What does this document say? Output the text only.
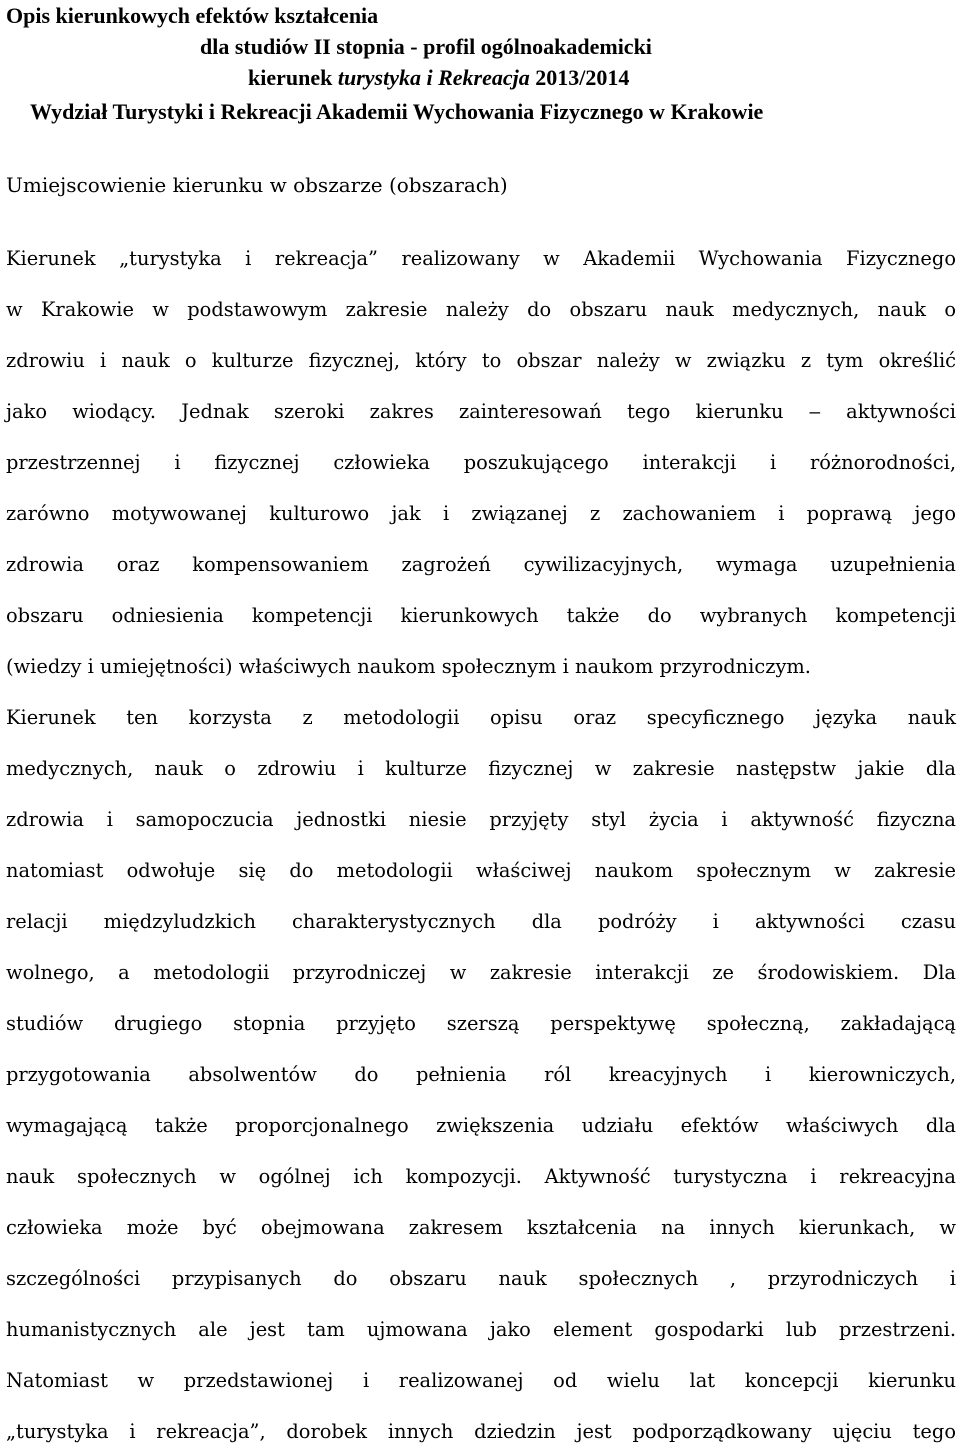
Opis kierunkowych efektów kształcenia
dla studiów II stopnia - profil ogólnoakademicki
kierunek turystyka i Rekreacja 2013/2014
Wydział Turystyki i Rekreacji Akademii Wychowania Fizycznego w Krakowie
Umiejscowienie kierunku w obszarze (obszarach)
Kierunek „turystyka i rekreacja” realizowany w Akademii Wychowania Fizycznego
w Krakowie w podstawowym zakresie należy do obszaru nauk medycznych, nauk o
zdrowiu i nauk o kulturze fizycznej, który to obszar należy w związku z tym określić
jako wiodący. Jednak szeroki zakres zainteresowań tego kierunku ‒ aktywności
przestrzennej i fizycznej człowieka poszukującego interakcji i różnorodności,
zarówno motywowanej kulturowo jak i związanej z zachowaniem i poprawą jego
zdrowia oraz kompensowaniem zagrożeń cywilizacyjnych, wymaga uzupełnienia
obszaru odniesienia kompetencji kierunkowych także do wybranych kompetencji
(wiedzy i umiejętności) właściwych naukom społecznym i naukom przyrodniczym.
Kierunek ten korzysta z metodologii opisu oraz specyficznego języka nauk
medycznych, nauk o zdrowiu i kulturze fizycznej w zakresie następstw jakie dla
zdrowia i samopoczucia jednostki niesie przyjęty styl życia i aktywność fizyczna
natomiast odwołuje się do metodologii właściwej naukom społecznym w zakresie
relacji międzyludzkich charakterystycznych dla podróży i aktywności czasu
wolnego, a metodologii przyrodniczej w zakresie interakcji ze środowiskiem. Dla
studiów drugiego stopnia przyjęto szerszą perspektywę społeczną, zakładającą
przygotowania absolwentów do pełnienia ról kreacyjnych i kierowniczych,
wymagającą także proporcjonalnego zwiększenia udziału efektów właściwych dla
nauk społecznych w ogólnej ich kompozycji. Aktywność turystyczna i rekreacyjna
człowieka może być obejmowana zakresem kształcenia na innych kierunkach, w
szczególności przypisanych do obszaru nauk społecznych , przyrodniczych i
humanistycznych ale jest tam ujmowana jako element gospodarki lub przestrzeni.
Natomiast w przedstawionej i realizowanej od wielu lat koncepcji kierunku
„turystyka i rekreacja”, dorobek innych dziedzin jest podporządkowany ujęciu tego
